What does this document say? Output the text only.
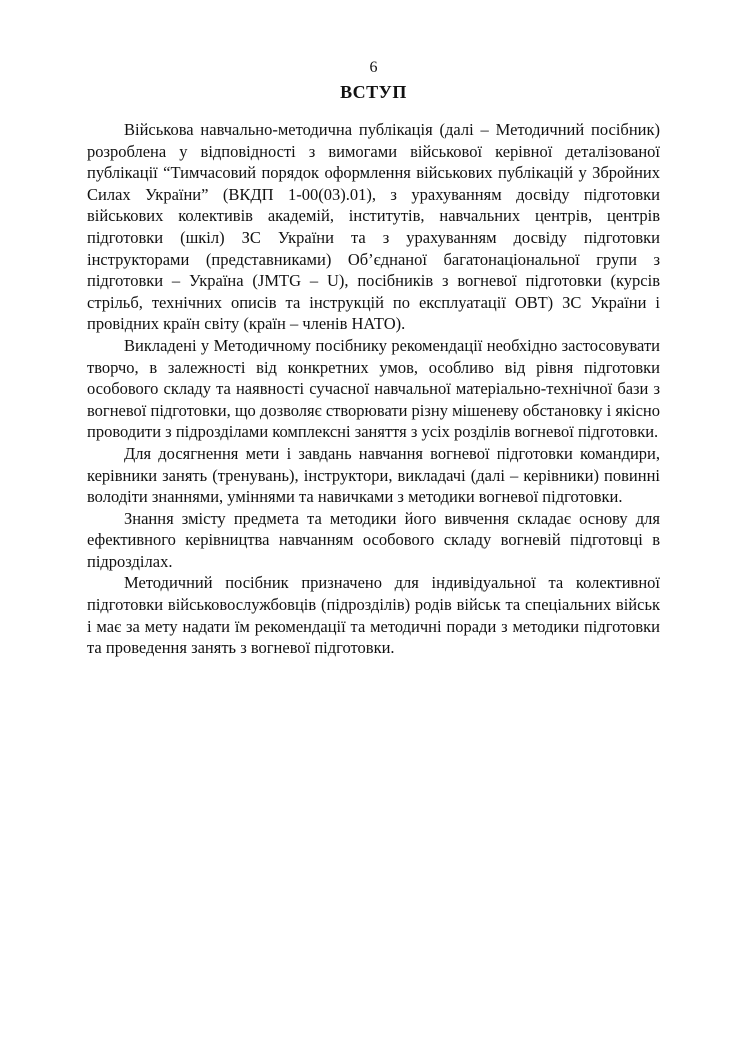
6
ВСТУП

Військова навчально-методична публікація (далі – Методичний посібник) розроблена у відповідності з вимогами військової керівної деталізованої публікації “Тимчасовий порядок оформлення військових публікацій у Збройних Силах України” (ВКДП 1-00(03).01), з урахуванням досвіду підготовки військових колективів академій, інститутів, навчальних центрів, центрів підготовки (шкіл) ЗС України та з урахуванням досвіду підготовки інструкторами (представниками) Об’єднаної багатонаціональної групи з підготовки – Україна (JMTG – U), посібників з вогневої підготовки (курсів стрільб, технічних описів та інструкцій по експлуатації ОВТ) ЗС України і провідних країн світу (країн – членів НАТО).

Викладені у Методичному посібнику рекомендації необхідно застосовувати творчо, в залежності від конкретних умов, особливо від рівня підготовки особового складу та наявності сучасної навчальної матеріально-технічної бази з вогневої підготовки, що дозволяє створювати різну мішеневу обстановку і якісно проводити з підрозділами комплексні заняття з усіх розділів вогневої підготовки.

Для досягнення мети і завдань навчання вогневої підготовки командири, керівники занять (тренувань), інструктори, викладачі (далі – керівники) повинні володіти знаннями, уміннями та навичками з методики вогневої підготовки.

Знання змісту предмета та методики його вивчення складає основу для ефективного керівництва навчанням особового складу вогневій підготовці в підрозділах.

Методичний посібник призначено для індивідуальної та колективної підготовки військовослужбовців (підрозділів) родів військ та спеціальних військ і має за мету надати їм рекомендації та методичні поради з методики підготовки та проведення занять з вогневої підготовки.
